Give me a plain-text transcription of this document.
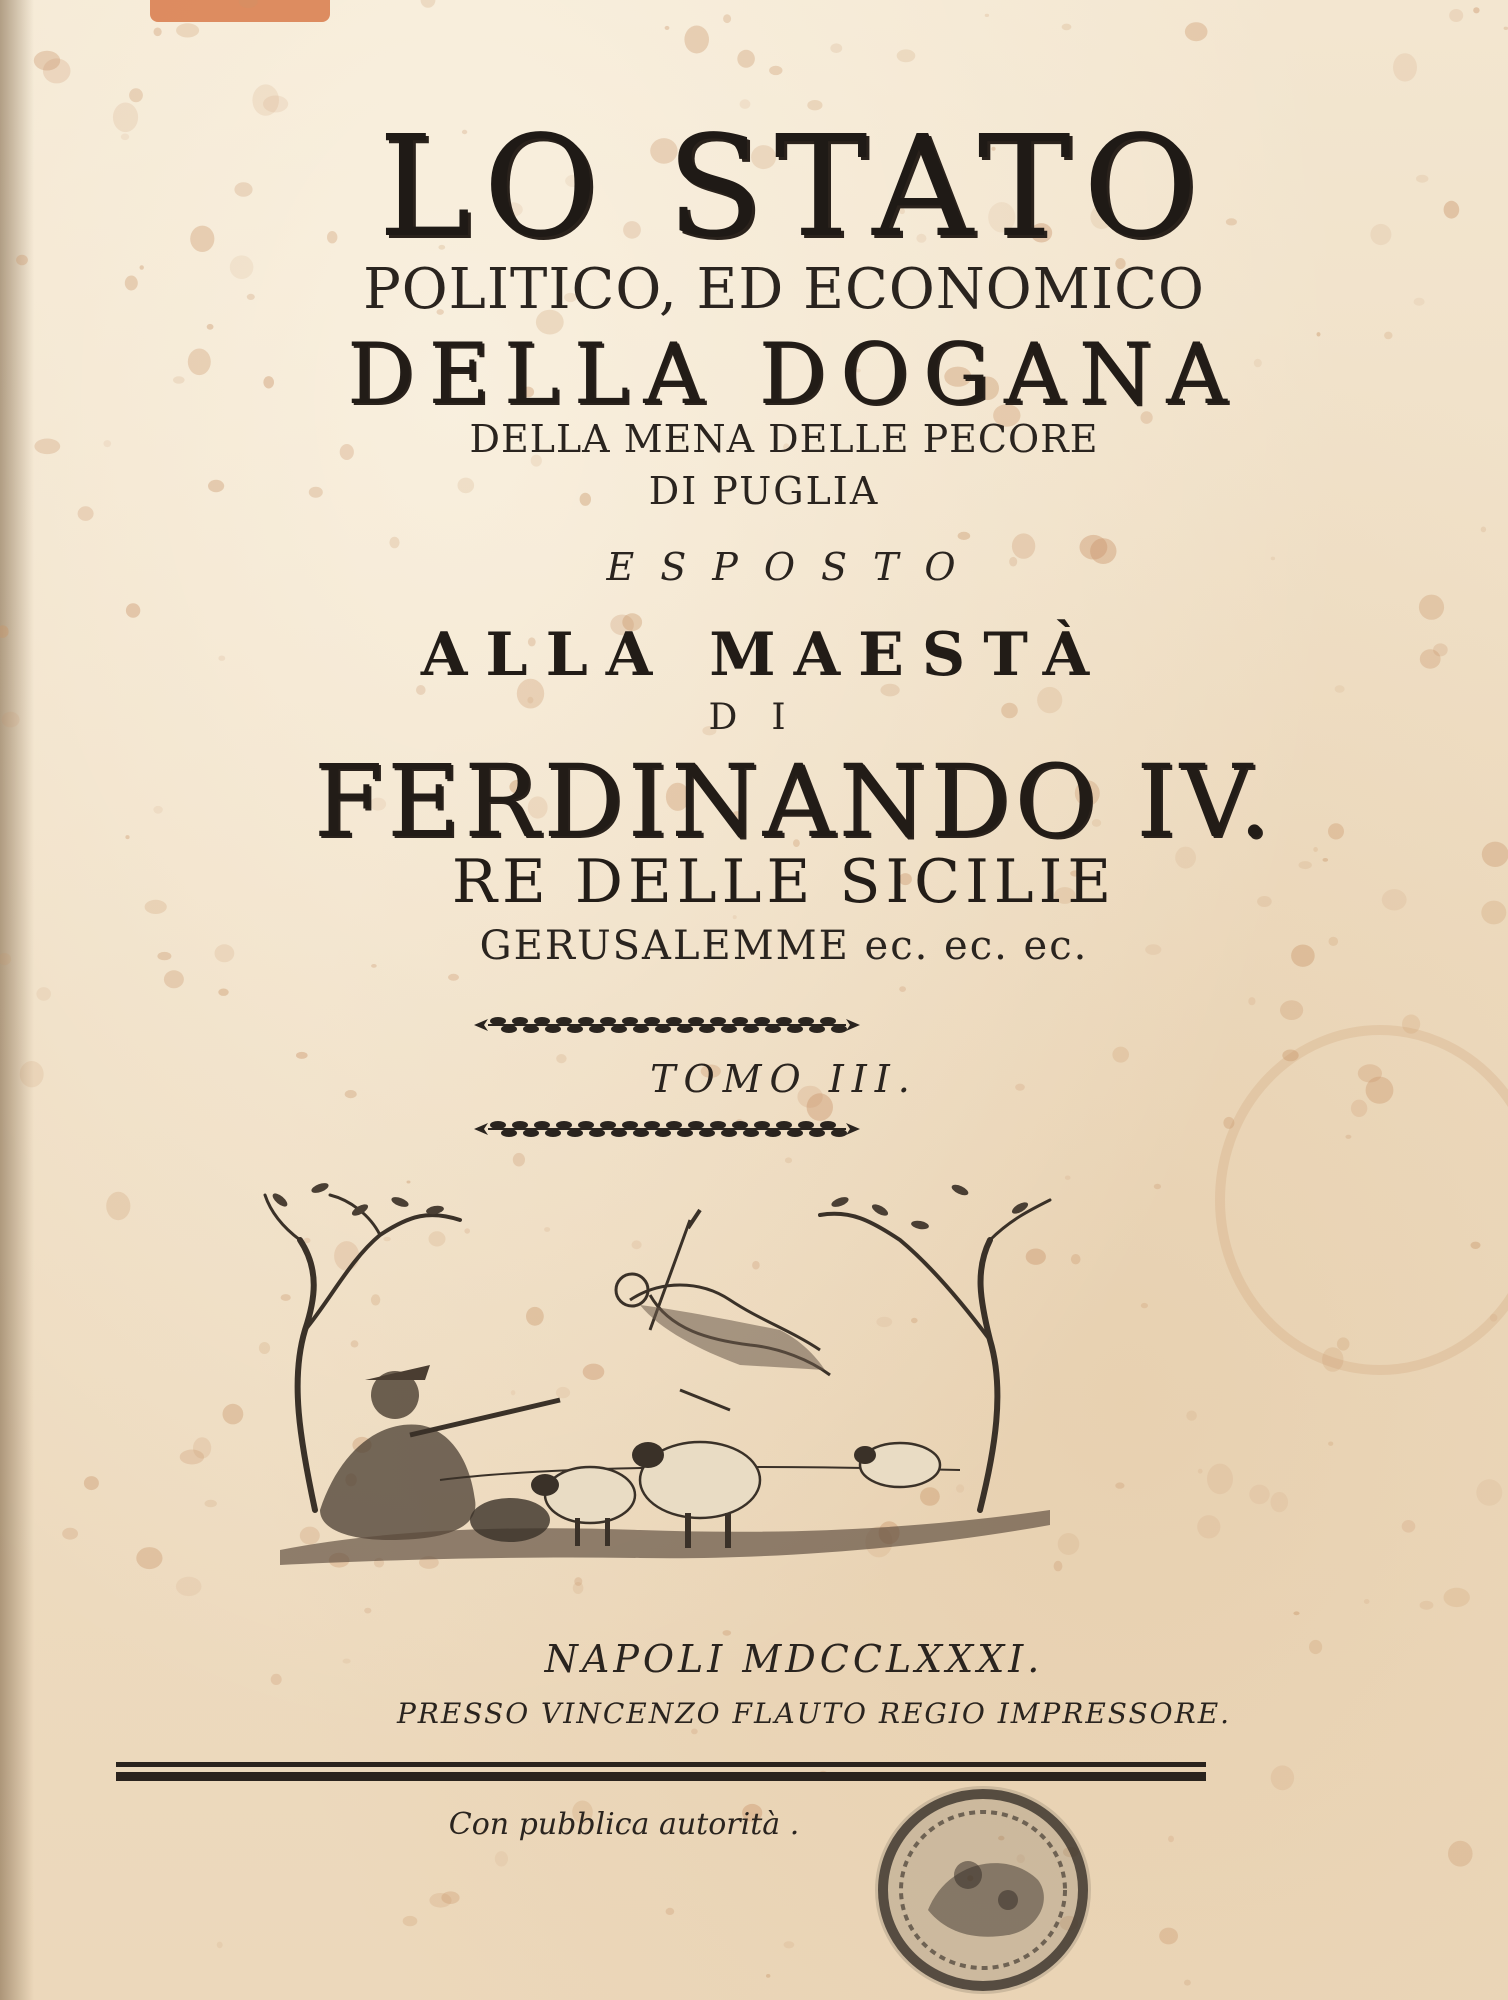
LO STATO
POLITICO, ED ECONOMICO
DELLA DOGANA
DELLA MENA DELLE PECORE
DI PUGLIA
ESPOSTO
ALLA MAESTÀ
DI
FERDINANDO IV.
RE DELLE SICILIE
GERUSALEMME ec. ec. ec.
TOMO III.
NAPOLI MDCCLXXXI.
PRESSO VINCENZO FLAUTO REGIO IMPRESSORE.
Con pubblica autorità .
